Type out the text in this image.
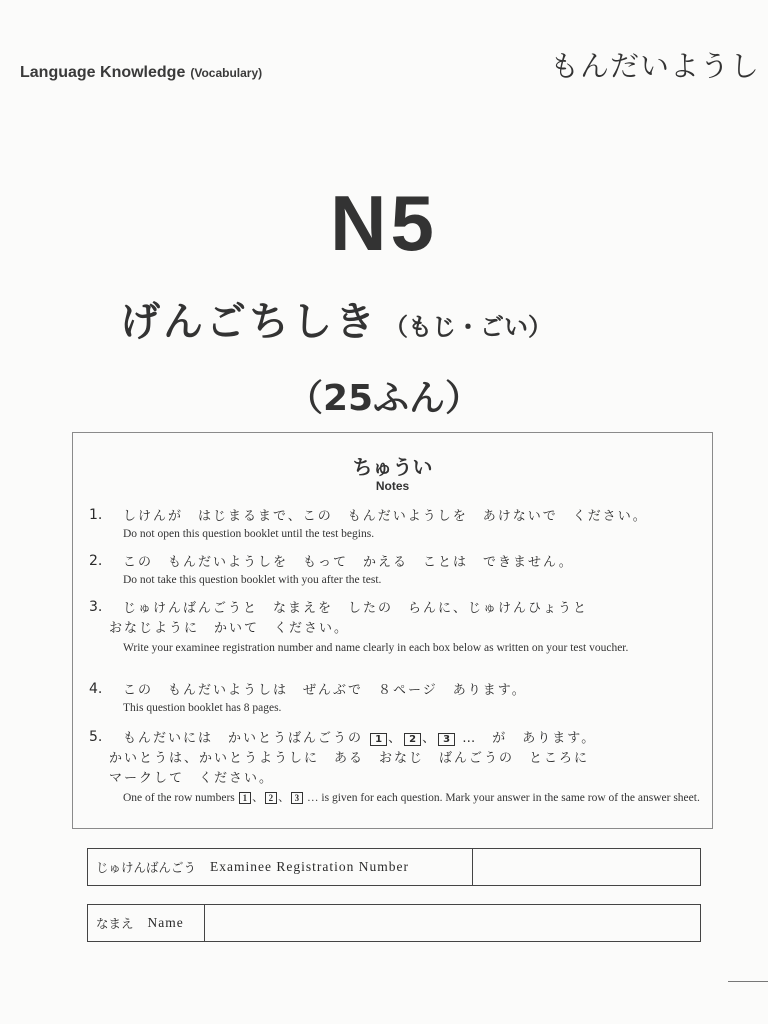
Language Knowledge (Vocabulary)	もんだいようし
N5
げんごちしき （もじ・ごい）
（25ふん）
ちゅうい
Notes
1. しけんが　はじまるまで、この　もんだいようしを　あけないで　ください。
Do not open this question booklet until the test begins.
2. この　もんだいようしを　もって　かえる　ことは　できません。
Do not take this question booklet with you after the test.
3. じゅけんばんごうと　なまえを　したの　らんに、じゅけんひょうと
おなじように　かいて　ください。
Write your examinee registration number and name clearly in each box below as written on your test voucher.
4. この　もんだいようしは　ぜんぶで　８ページ　あります。
This question booklet has 8 pages.
5. もんだいには　かいとうばんごうの 1 、 2 、 3 …　が　あります。
かいとうは、かいとうようしに　ある　おなじ　ばんごうの　ところに
マークして　ください。
One of the row numbers 1 、 2 、 3 … is given for each question. Mark your answer in the same row of the answer sheet.
じゅけんばんごう Examinee Registration Number
なまえ Name
